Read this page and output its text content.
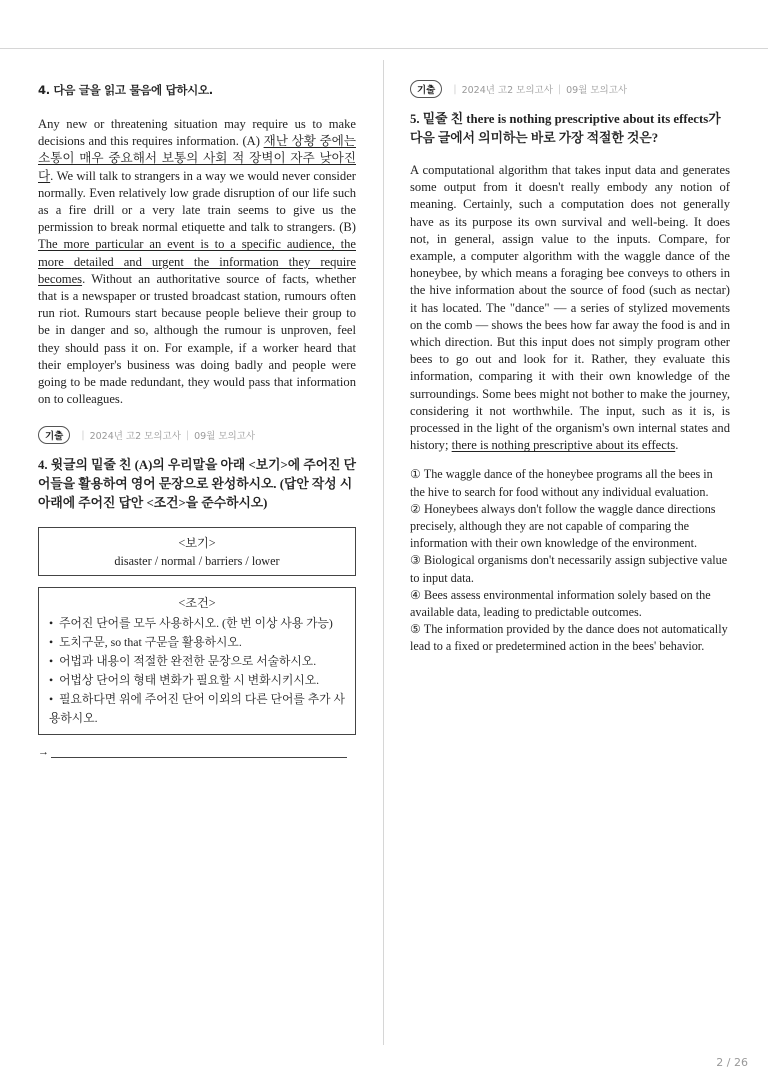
4. 다음 글을 읽고 물음에 답하시오.

Any new or threatening situation may require us to make decisions and this requires information. (A) 재난 상황 중에는 소통이 매우 중요해서 보통의 사회 적 장벽이 자주 낮아진다. We will talk to strangers in a way we would never consider normally. Even relatively low grade disruption of our life such as a fire drill or a very late train seems to give us the permission to break normal etiquette and talk to strangers. (B) The more particular an event is to a specific audience, the more detailed and urgent the information they require becomes. Without an authoritative source of facts, whether that is a newspaper or trusted broadcast station, rumours often run riot. Rumours start because people believe their group to be in danger and so, although the rumour is unproven, feel they should pass it on. For example, if a worker heard that their employer's business was doing badly and people were going to be made redundant, they would pass that information on to colleagues.

기출	| 2024년 고2 모의고사 | 09월 모의고사
4. 윗글의 밑줄 친 (A)의 우리말을 아래 <보기>에 주어진 단어들을 활용하여 영어 문장으로 완성하시오. (답안 작성 시 아래에 주어진 답안 <조건>을 준수하시오)
<보기>
disaster / normal / barriers / lower
<조건>
• 주어진 단어를 모두 사용하시오. (한 번 이상 사용 가능)
• 도치구문, so that 구문을 활용하시오.
• 어법과 내용이 적절한 완전한 문장으로 서술하시오.
• 어법상 단어의 형태 변화가 필요할 시 변화시키시오.
• 필요하다면 위에 주어진 단어 이외의 다른 단어를 추가 사용하시오.
→
기출	| 2024년 고2 모의고사 | 09월 모의고사
5. 밑줄 친 there is nothing prescriptive about its effects가 다음 글에서 의미하는 바로 가장 적절한 것은?

A computational algorithm that takes input data and generates some output from it doesn't really embody any notion of meaning. Certainly, such a computation does not generally have as its purpose its own survival and well-being. It does not, in general, assign value to the inputs. Compare, for example, a computer algorithm with the waggle dance of the honeybee, by which means a foraging bee conveys to others in the hive information about the source of food (such as nectar) it has located. The "dance" — a series of stylized movements on the comb — shows the bees how far away the food is and in which direction. But this input does not simply program other bees to go out and look for it. Rather, they evaluate this information, comparing it with their own knowledge of the surroundings. Some bees might not bother to make the journey, considering it not worthwhile. The input, such as it is, is processed in the light of the organism's own internal states and history; there is nothing prescriptive about its effects.

① The waggle dance of the honeybee programs all the bees in the hive to search for food without any individual evaluation.
② Honeybees always don't follow the waggle dance directions precisely, although they are not capable of comparing the information with their own knowledge of the environment.
③ Biological organisms don't necessarily assign subjective value to input data.
④ Bees assess environmental information solely based on the available data, leading to predictable outcomes.
⑤ The information provided by the dance does not automatically lead to a fixed or predetermined action in the bees' behavior.
2 / 26
